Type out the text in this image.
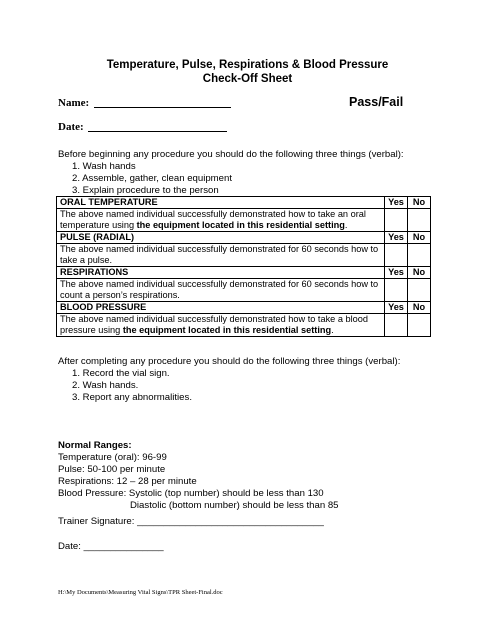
Temperature, Pulse, Respirations & Blood Pressure
Check-Off Sheet
Name:	Pass/Fail
Date:
Before beginning any procedure you should do the following three things (verbal):
1. Wash hands
2. Assemble, gather, clean equipment
3. Explain procedure to the person
ORAL TEMPERATURE	Yes	No
The above named individual successfully demonstrated how to take an oral temperature using the equipment located in this residential setting.		
PULSE (RADIAL)	Yes	No
The above named individual successfully demonstrated for 60 seconds how to take a pulse.		
RESPIRATIONS	Yes	No
The above named individual successfully demonstrated for 60 seconds how to count a person’s respirations.		
BLOOD PRESSURE	Yes	No
The above named individual successfully demonstrated how to take a blood pressure using the equipment located in this residential setting.		
After completing any procedure you should do the following three things (verbal):
1. Record the vial sign.
2. Wash hands.
3. Report any abnormalities.
Normal Ranges:
Temperature (oral): 96-99
Pulse: 50-100 per minute
Respirations: 12 – 28 per minute
Blood Pressure: Systolic (top number) should be less than 130
Diastolic (bottom number) should be less than 85
Trainer Signature: ___________________________________
Date: _______________
H:\My Documents\Measuring Vital Signs\TPR Sheet-Final.doc
